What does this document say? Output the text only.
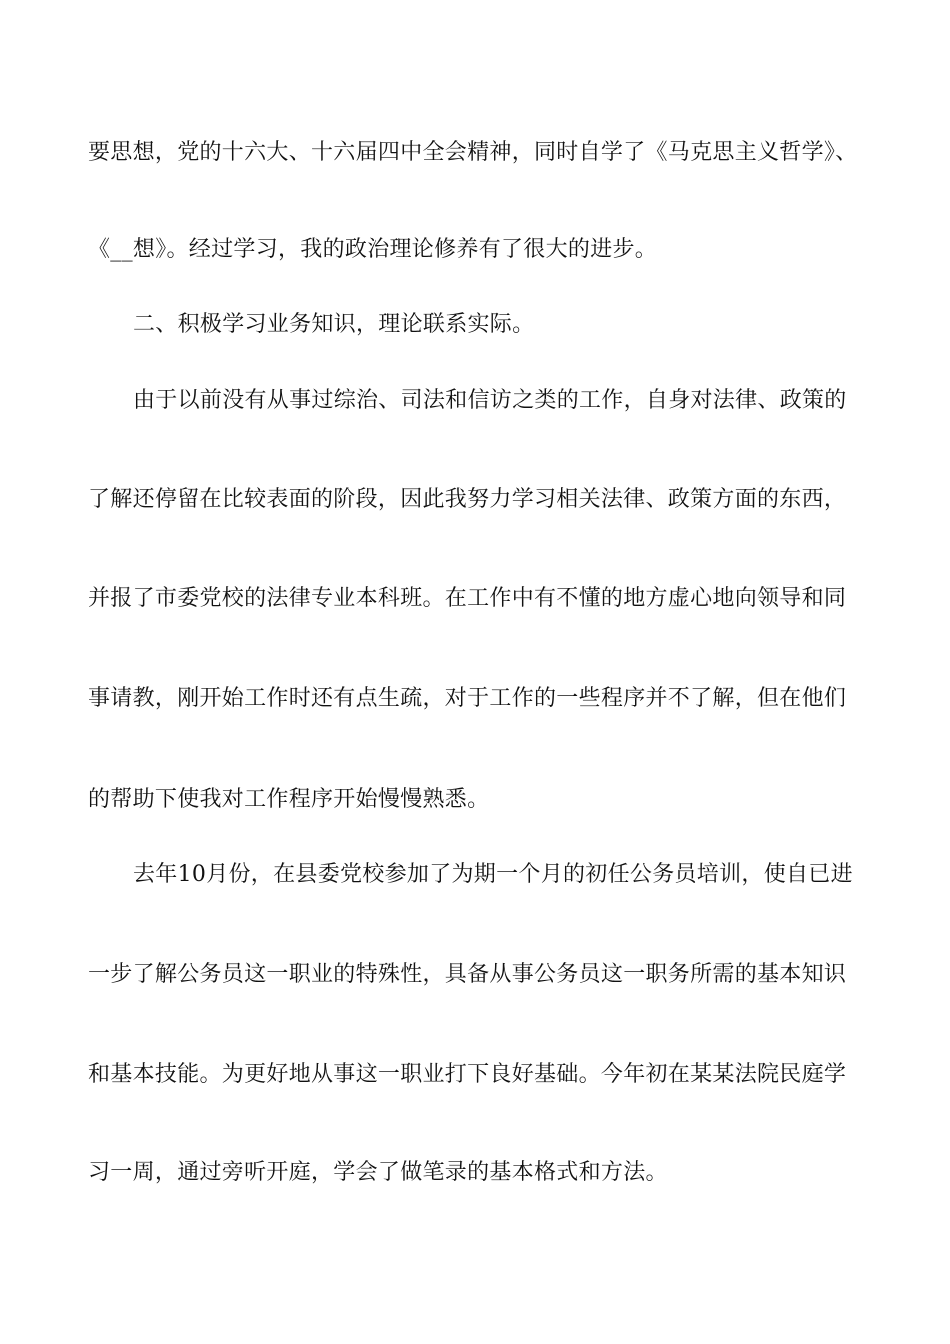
要思想，党的十六大、十六届四中全会精神，同时自学了《马克思主义哲学》、
《__想》。经过学习，我的政治理论修养有了很大的进步。
二、积极学习业务知识，理论联系实际。
由于以前没有从事过综治、司法和信访之类的工作，自身对法律、政策的
了解还停留在比较表面的阶段，因此我努力学习相关法律、政策方面的东西，
并报了市委党校的法律专业本科班。在工作中有不懂的地方虚心地向领导和同
事请教，刚开始工作时还有点生疏，对于工作的一些程序并不了解，但在他们
的帮助下使我对工作程序开始慢慢熟悉。
去年10月份，在县委党校参加了为期一个月的初任公务员培训，使自已进
一步了解公务员这一职业的特殊性，具备从事公务员这一职务所需的基本知识
和基本技能。为更好地从事这一职业打下良好基础。今年初在某某法院民庭学
习一周，通过旁听开庭，学会了做笔录的基本格式和方法。
